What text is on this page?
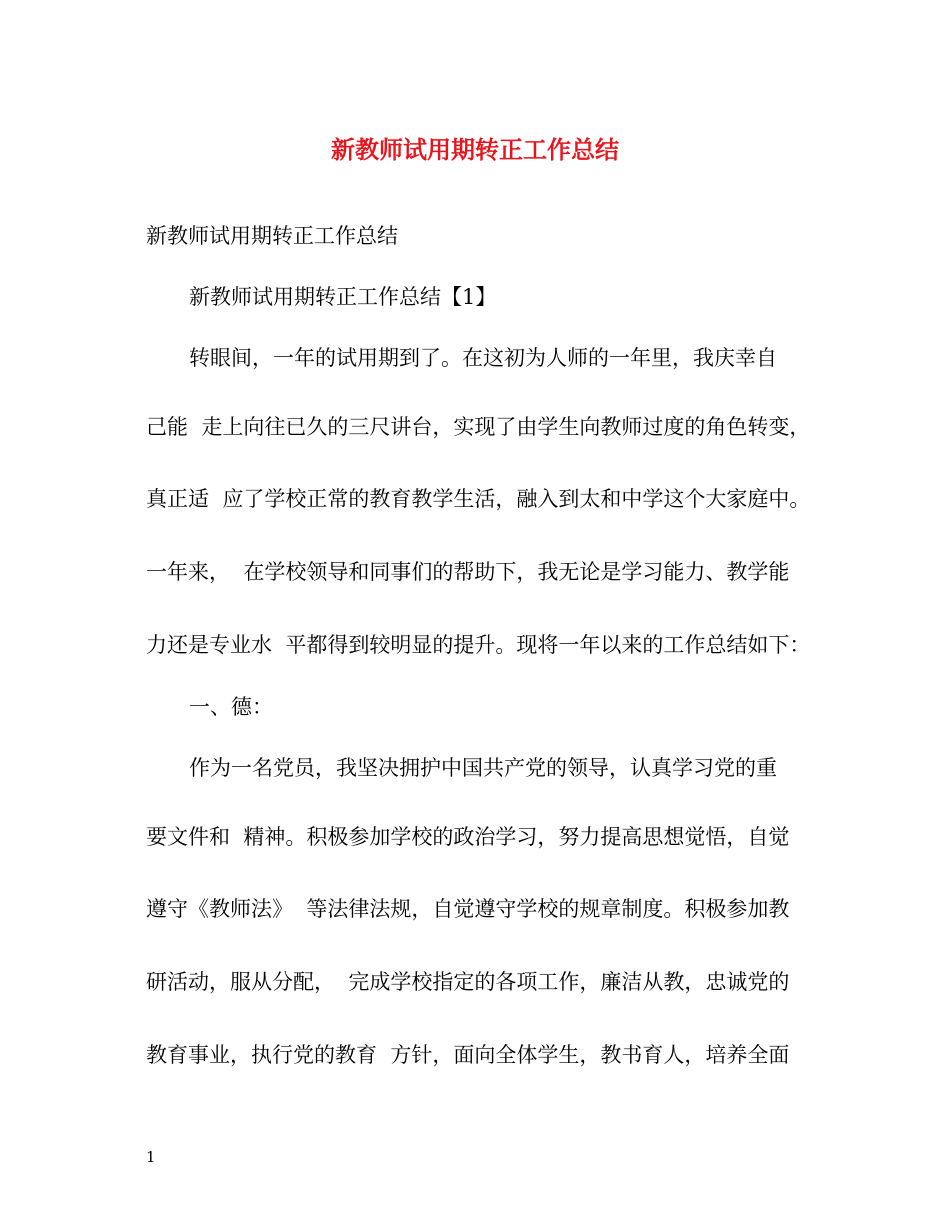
新教师试用期转正工作总结
新教师试用期转正工作总结
新教师试用期转正工作总结【1】
转眼间，一年的试用期到了。在这初为人师的一年里，我庆幸自
己能  走上向往已久的三尺讲台，实现了由学生向教师过度的角色转变，
真正适  应了学校正常的教育教学生活，融入到太和中学这个大家庭中。
一年来，  在学校领导和同事们的帮助下，我无论是学习能力、教学能
力还是专业水  平都得到较明显的提升。现将一年以来的工作总结如下：
一、德：
作为一名党员，我坚决拥护中国共产党的领导，认真学习党的重
要文件和  精神。积极参加学校的政治学习，努力提高思想觉悟，自觉
遵守《教师法》  等法律法规，自觉遵守学校的规章制度。积极参加教
研活动，服从分配，  完成学校指定的各项工作，廉洁从教，忠诚党的
教育事业，执行党的教育  方针，面向全体学生，教书育人，培养全面
1
